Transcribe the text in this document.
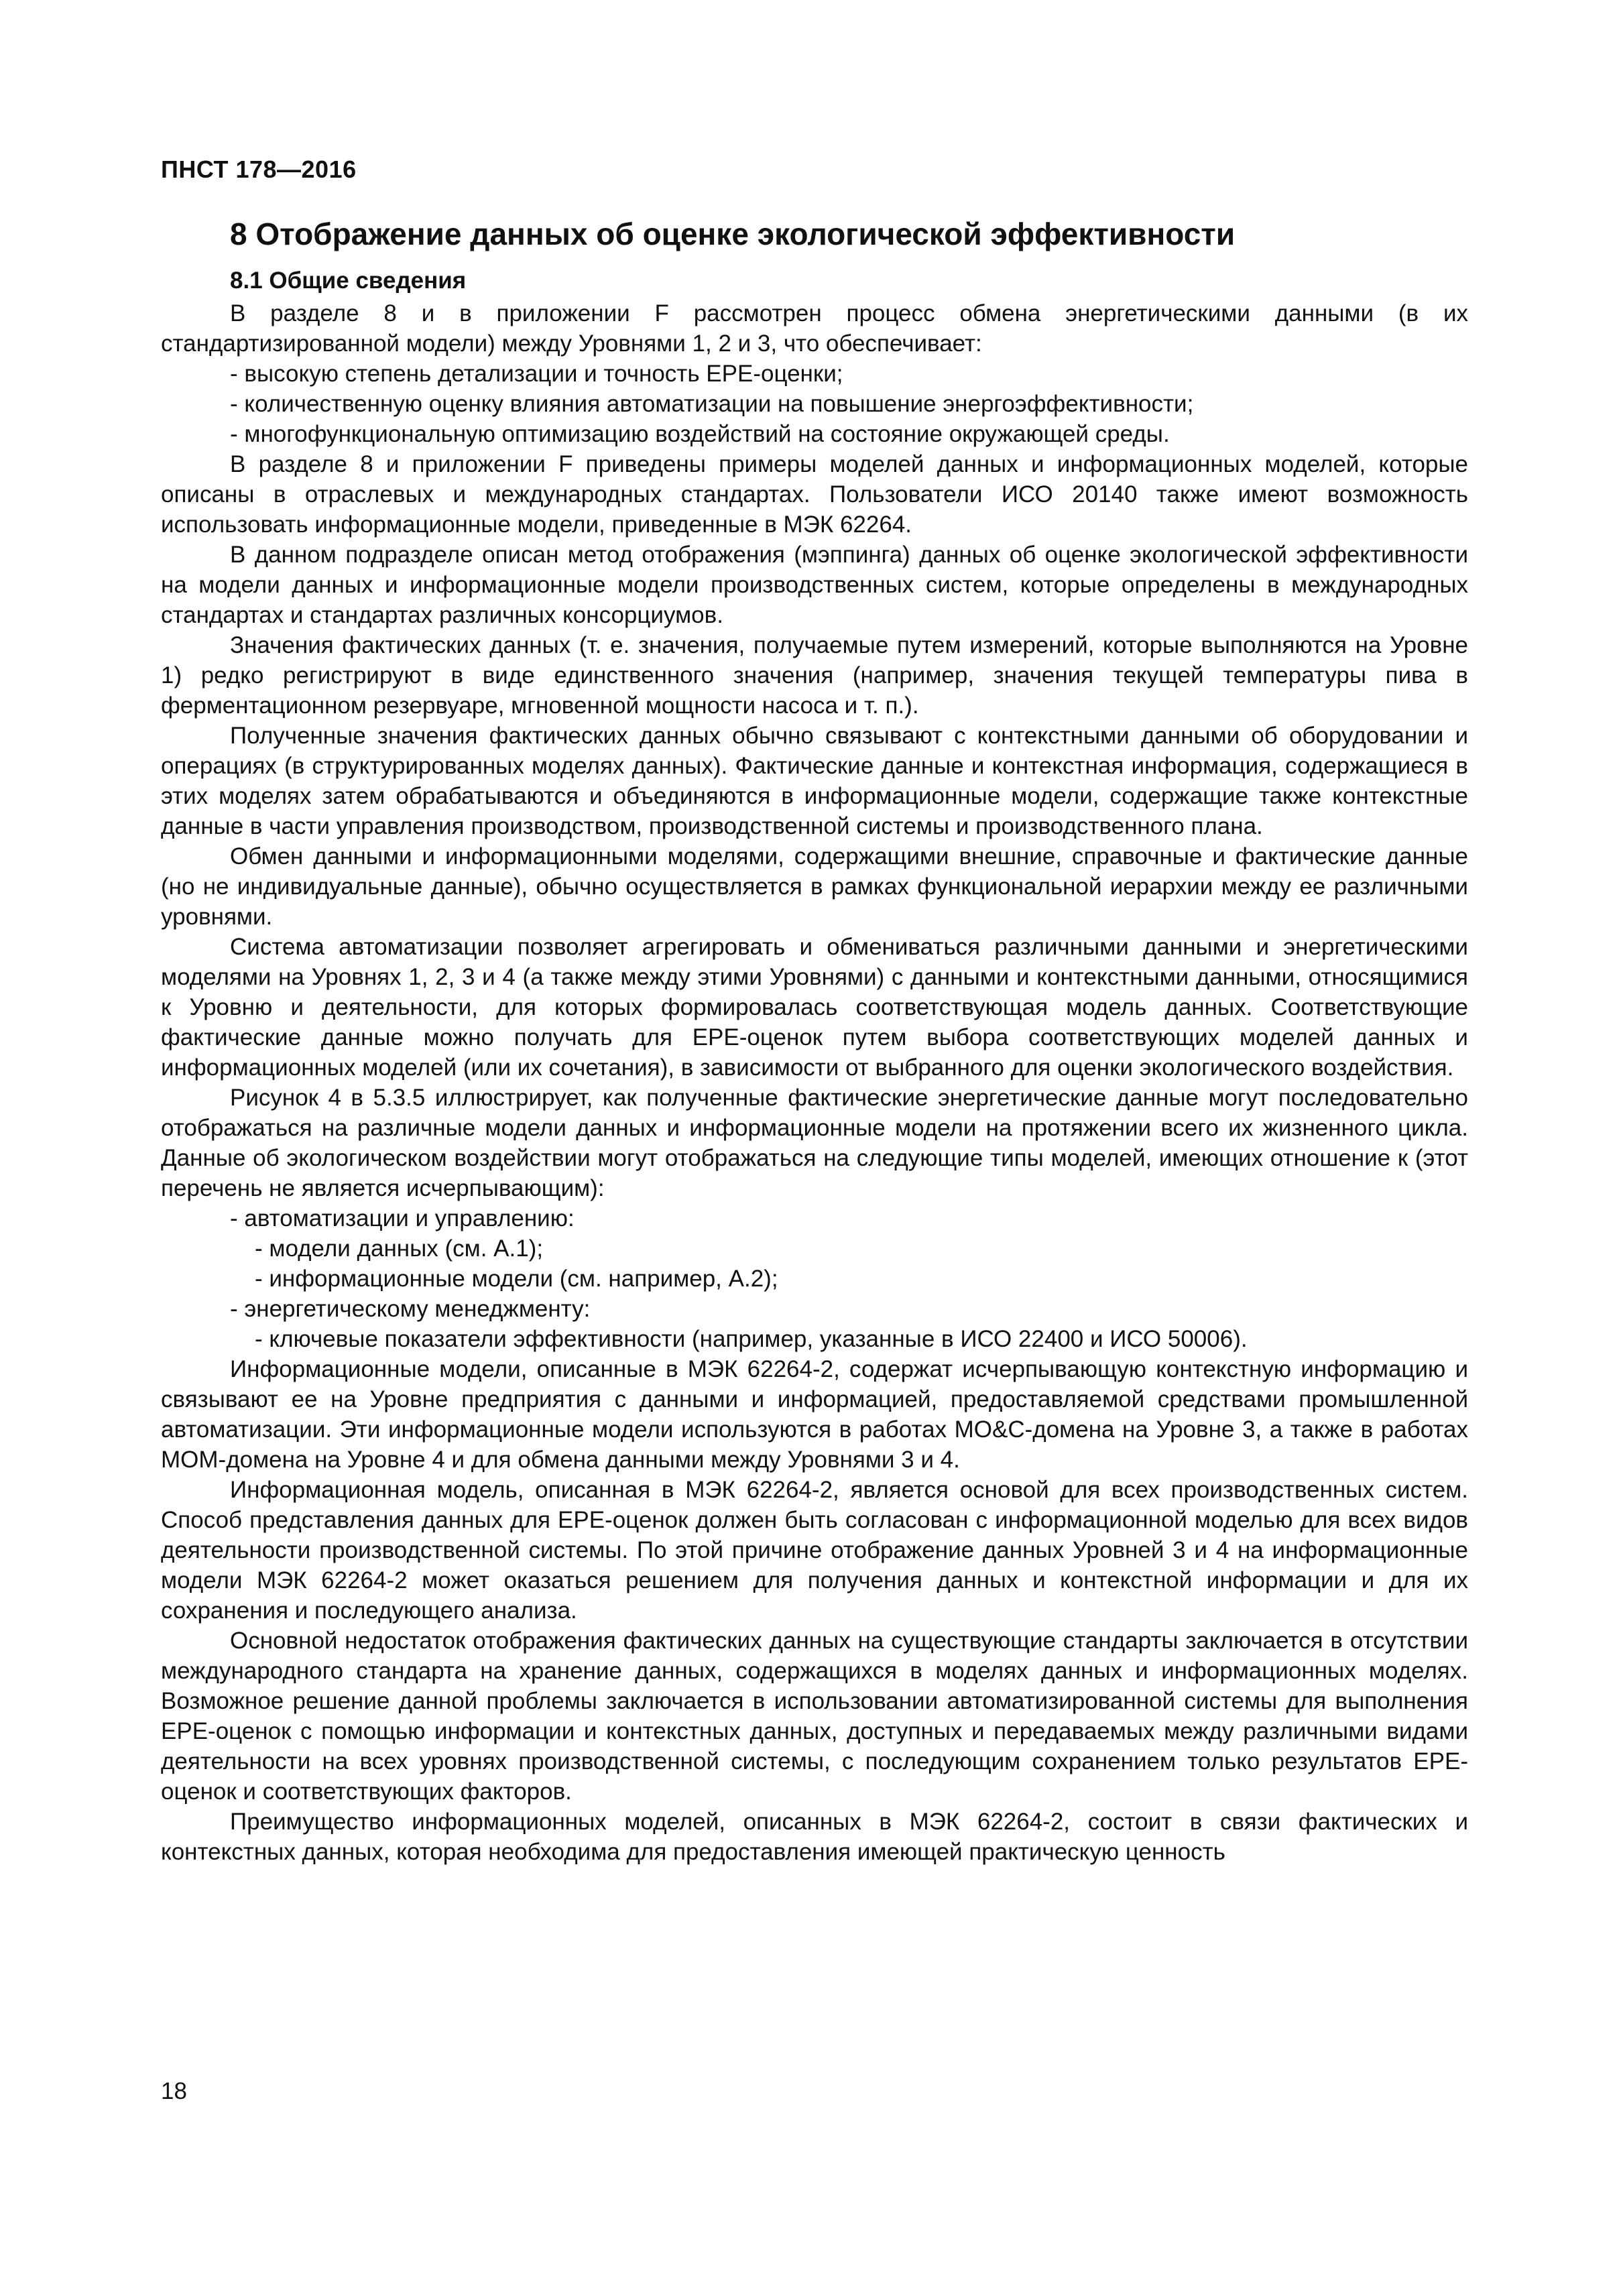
ПНСТ 178—2016
8 Отображение данных об оценке экологической эффективности
8.1 Общие сведения

В разделе 8 и в приложении F рассмотрен процесс обмена энергетическими данными (в их стандартизированной модели) между Уровнями 1, 2 и 3, что обеспечивает:

- высокую степень детализации и точность EPE-оценки;
- количественную оценку влияния автоматизации на повышение энергоэффективности;
- многофункциональную оптимизацию воздействий на состояние окружающей среды.

В разделе 8 и приложении F приведены примеры моделей данных и информационных моделей, которые описаны в отраслевых и международных стандартах. Пользователи ИСО 20140 также имеют возможность использовать информационные модели, приведенные в МЭК 62264.

В данном подразделе описан метод отображения (мэппинга) данных об оценке экологической эффективности на модели данных и информационные модели производственных систем, которые определены в международных стандартах и стандартах различных консорциумов.

Значения фактических данных (т. е. значения, получаемые путем измерений, которые выполняются на Уровне 1) редко регистрируют в виде единственного значения (например, значения текущей температуры пива в ферментационном резервуаре, мгновенной мощности насоса и т. п.).

Полученные значения фактических данных обычно связывают с контекстными данными об оборудовании и операциях (в структурированных моделях данных). Фактические данные и контекстная информация, содержащиеся в этих моделях затем обрабатываются и объединяются в информационные модели, содержащие также контекстные данные в части управления производством, производственной системы и производственного плана.

Обмен данными и информационными моделями, содержащими внешние, справочные и фактические данные (но не индивидуальные данные), обычно осуществляется в рамках функциональной иерархии между ее различными уровнями.

Система автоматизации позволяет агрегировать и обмениваться различными данными и энергетическими моделями на Уровнях 1, 2, 3 и 4 (а также между этими Уровнями) с данными и контекстными данными, относящимися к Уровню и деятельности, для которых формировалась соответствующая модель данных. Соответствующие фактические данные можно получать для EPE-оценок путем выбора соответствующих моделей данных и информационных моделей (или их сочетания), в зависимости от выбранного для оценки экологического воздействия.

Рисунок 4 в 5.3.5 иллюстрирует, как полученные фактические энергетические данные могут последовательно отображаться на различные модели данных и информационные модели на протяжении всего их жизненного цикла. Данные об экологическом воздействии могут отображаться на следующие типы моделей, имеющих отношение к (этот перечень не является исчерпывающим):

- автоматизации и управлению:
- модели данных (см. А.1);
- информационные модели (см. например, А.2);
- энергетическому менеджменту:
- ключевые показатели эффективности (например, указанные в ИСО 22400 и ИСО 50006).

Информационные модели, описанные в МЭК 62264-2, содержат исчерпывающую контекстную информацию и связывают ее на Уровне предприятия с данными и информацией, предоставляемой средствами промышленной автоматизации. Эти информационные модели используются в работах МО&С-домена на Уровне 3, а также в работах МОМ-домена на Уровне 4 и для обмена данными между Уровнями 3 и 4.

Информационная модель, описанная в МЭК 62264-2, является основой для всех производственных систем. Способ представления данных для EPE-оценок должен быть согласован с информационной моделью для всех видов деятельности производственной системы. По этой причине отображение данных Уровней 3 и 4 на информационные модели МЭК 62264-2 может оказаться решением для получения данных и контекстной информации и для их сохранения и последующего анализа.

Основной недостаток отображения фактических данных на существующие стандарты заключается в отсутствии международного стандарта на хранение данных, содержащихся в моделях данных и информационных моделях. Возможное решение данной проблемы заключается в использовании автоматизированной системы для выполнения EPE-оценок с помощью информации и контекстных данных, доступных и передаваемых между различными видами деятельности на всех уровнях производственной системы, с последующим сохранением только результатов EPE-оценок и соответствующих факторов.

Преимущество информационных моделей, описанных в МЭК 62264-2, состоит в связи фактических и контекстных данных, которая необходима для предоставления имеющей практическую ценность

18
